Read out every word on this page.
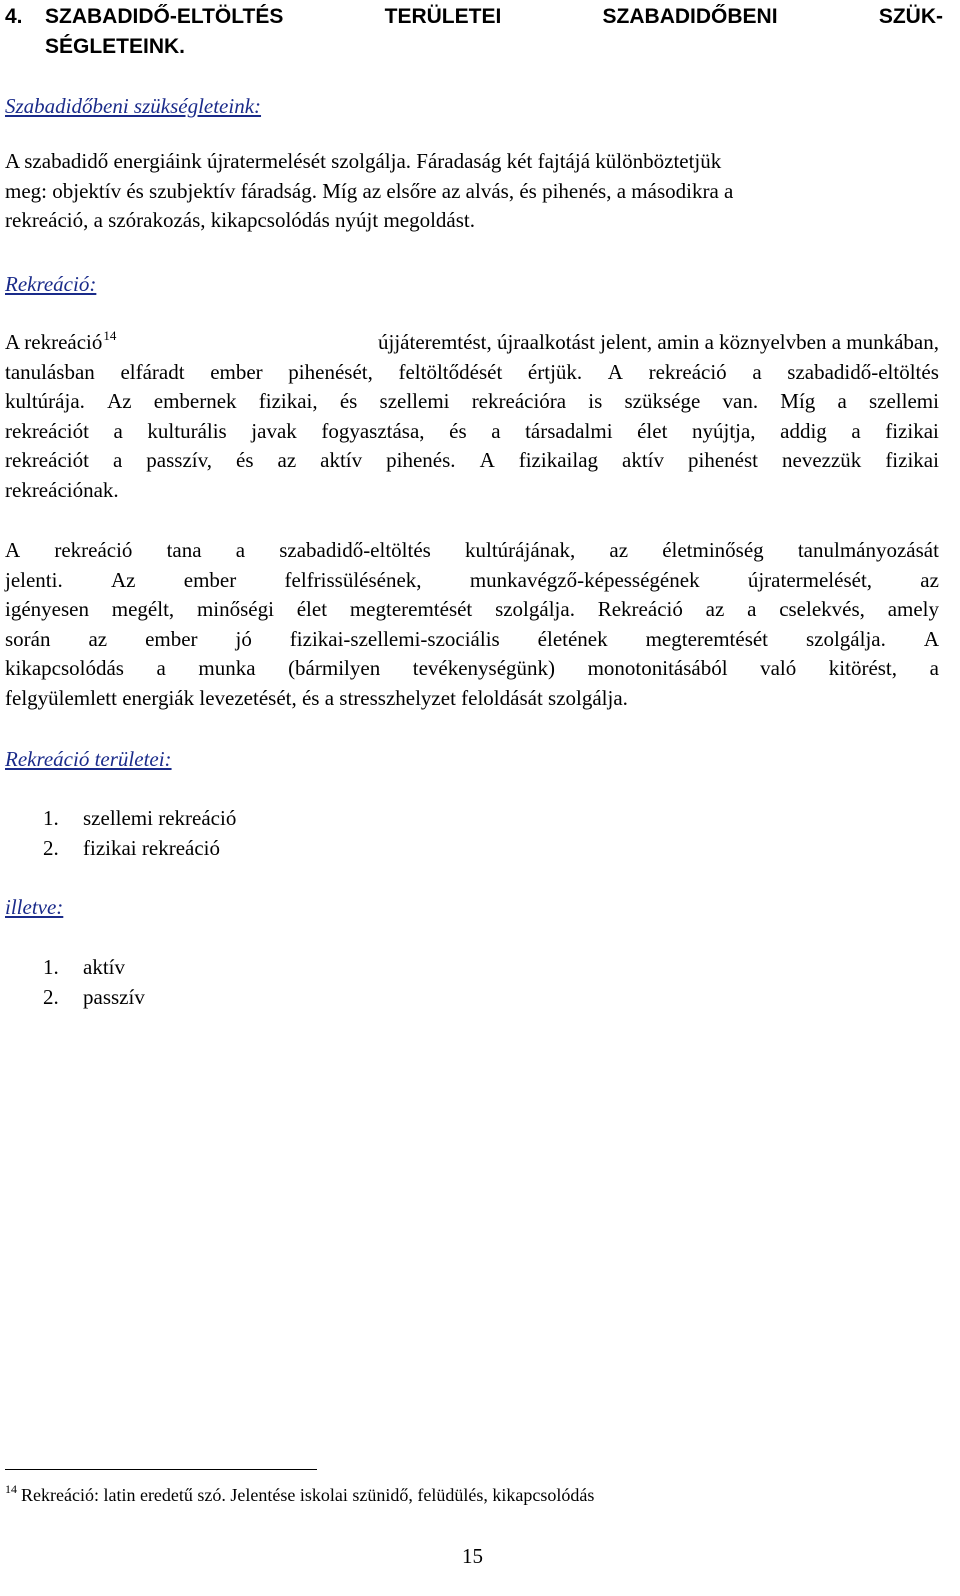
4. SZABADIDŐ-ELTÖLTÉS	TERÜLETEI	SZABADIDŐBENI	SZÜK-
SÉGLETEINK.
Szabadidőbeni szükségleteink:
A szabadidő energiáink újratermelését szolgálja. Fáradaság két fajtájá különböztetjük
meg: objektív és szubjektív fáradság. Míg az elsőre az alvás, és pihenés, a másodikra a
rekreáció, a szórakozás, kikapcsolódás nyújt megoldást.
Rekreáció:
A rekreáció$^{14}$	újjáteremtést, újraalkotást jelent, amin a köznyelvben a munkában,
tanulásban elfáradt ember pihenését, feltöltődését értjük. A rekreáció a szabadidő-eltöltés
kultúrája. Az embernek fizikai, és szellemi rekreációra is szüksége van. Míg a szellemi
rekreációt a kulturális javak fogyasztása, és a társadalmi élet nyújtja, addig a fizikai
rekreációt a passzív, és az aktív pihenés. A fizikailag aktív pihenést nevezzük fizikai
rekreációnak.
A rekreáció tana a szabadidő-eltöltés kultúrájának, az életminőség tanulmányozását
jelenti. Az ember felfrissülésének, munkavégző-képességének újratermelését, az
igényesen megélt, minőségi élet megteremtését szolgálja. Rekreáció az a cselekvés, amely
során az ember jó fizikai-szellemi-szociális életének megteremtését szolgálja. A
kikapcsolódás a munka (bármilyen tevékenységünk) monotonitásából való kitörést, a
felgyülemlett energiák levezetését, és a stresszhelyzet feloldását szolgálja.
Rekreáció területei:
1. szellemi rekreáció
2. fizikai rekreáció
illetve:
1. aktív
2. passzív
$^{14}$ Rekreáció: latin eredetű szó. Jelentése iskolai szünidő, felüdülés, kikapcsolódás
15
